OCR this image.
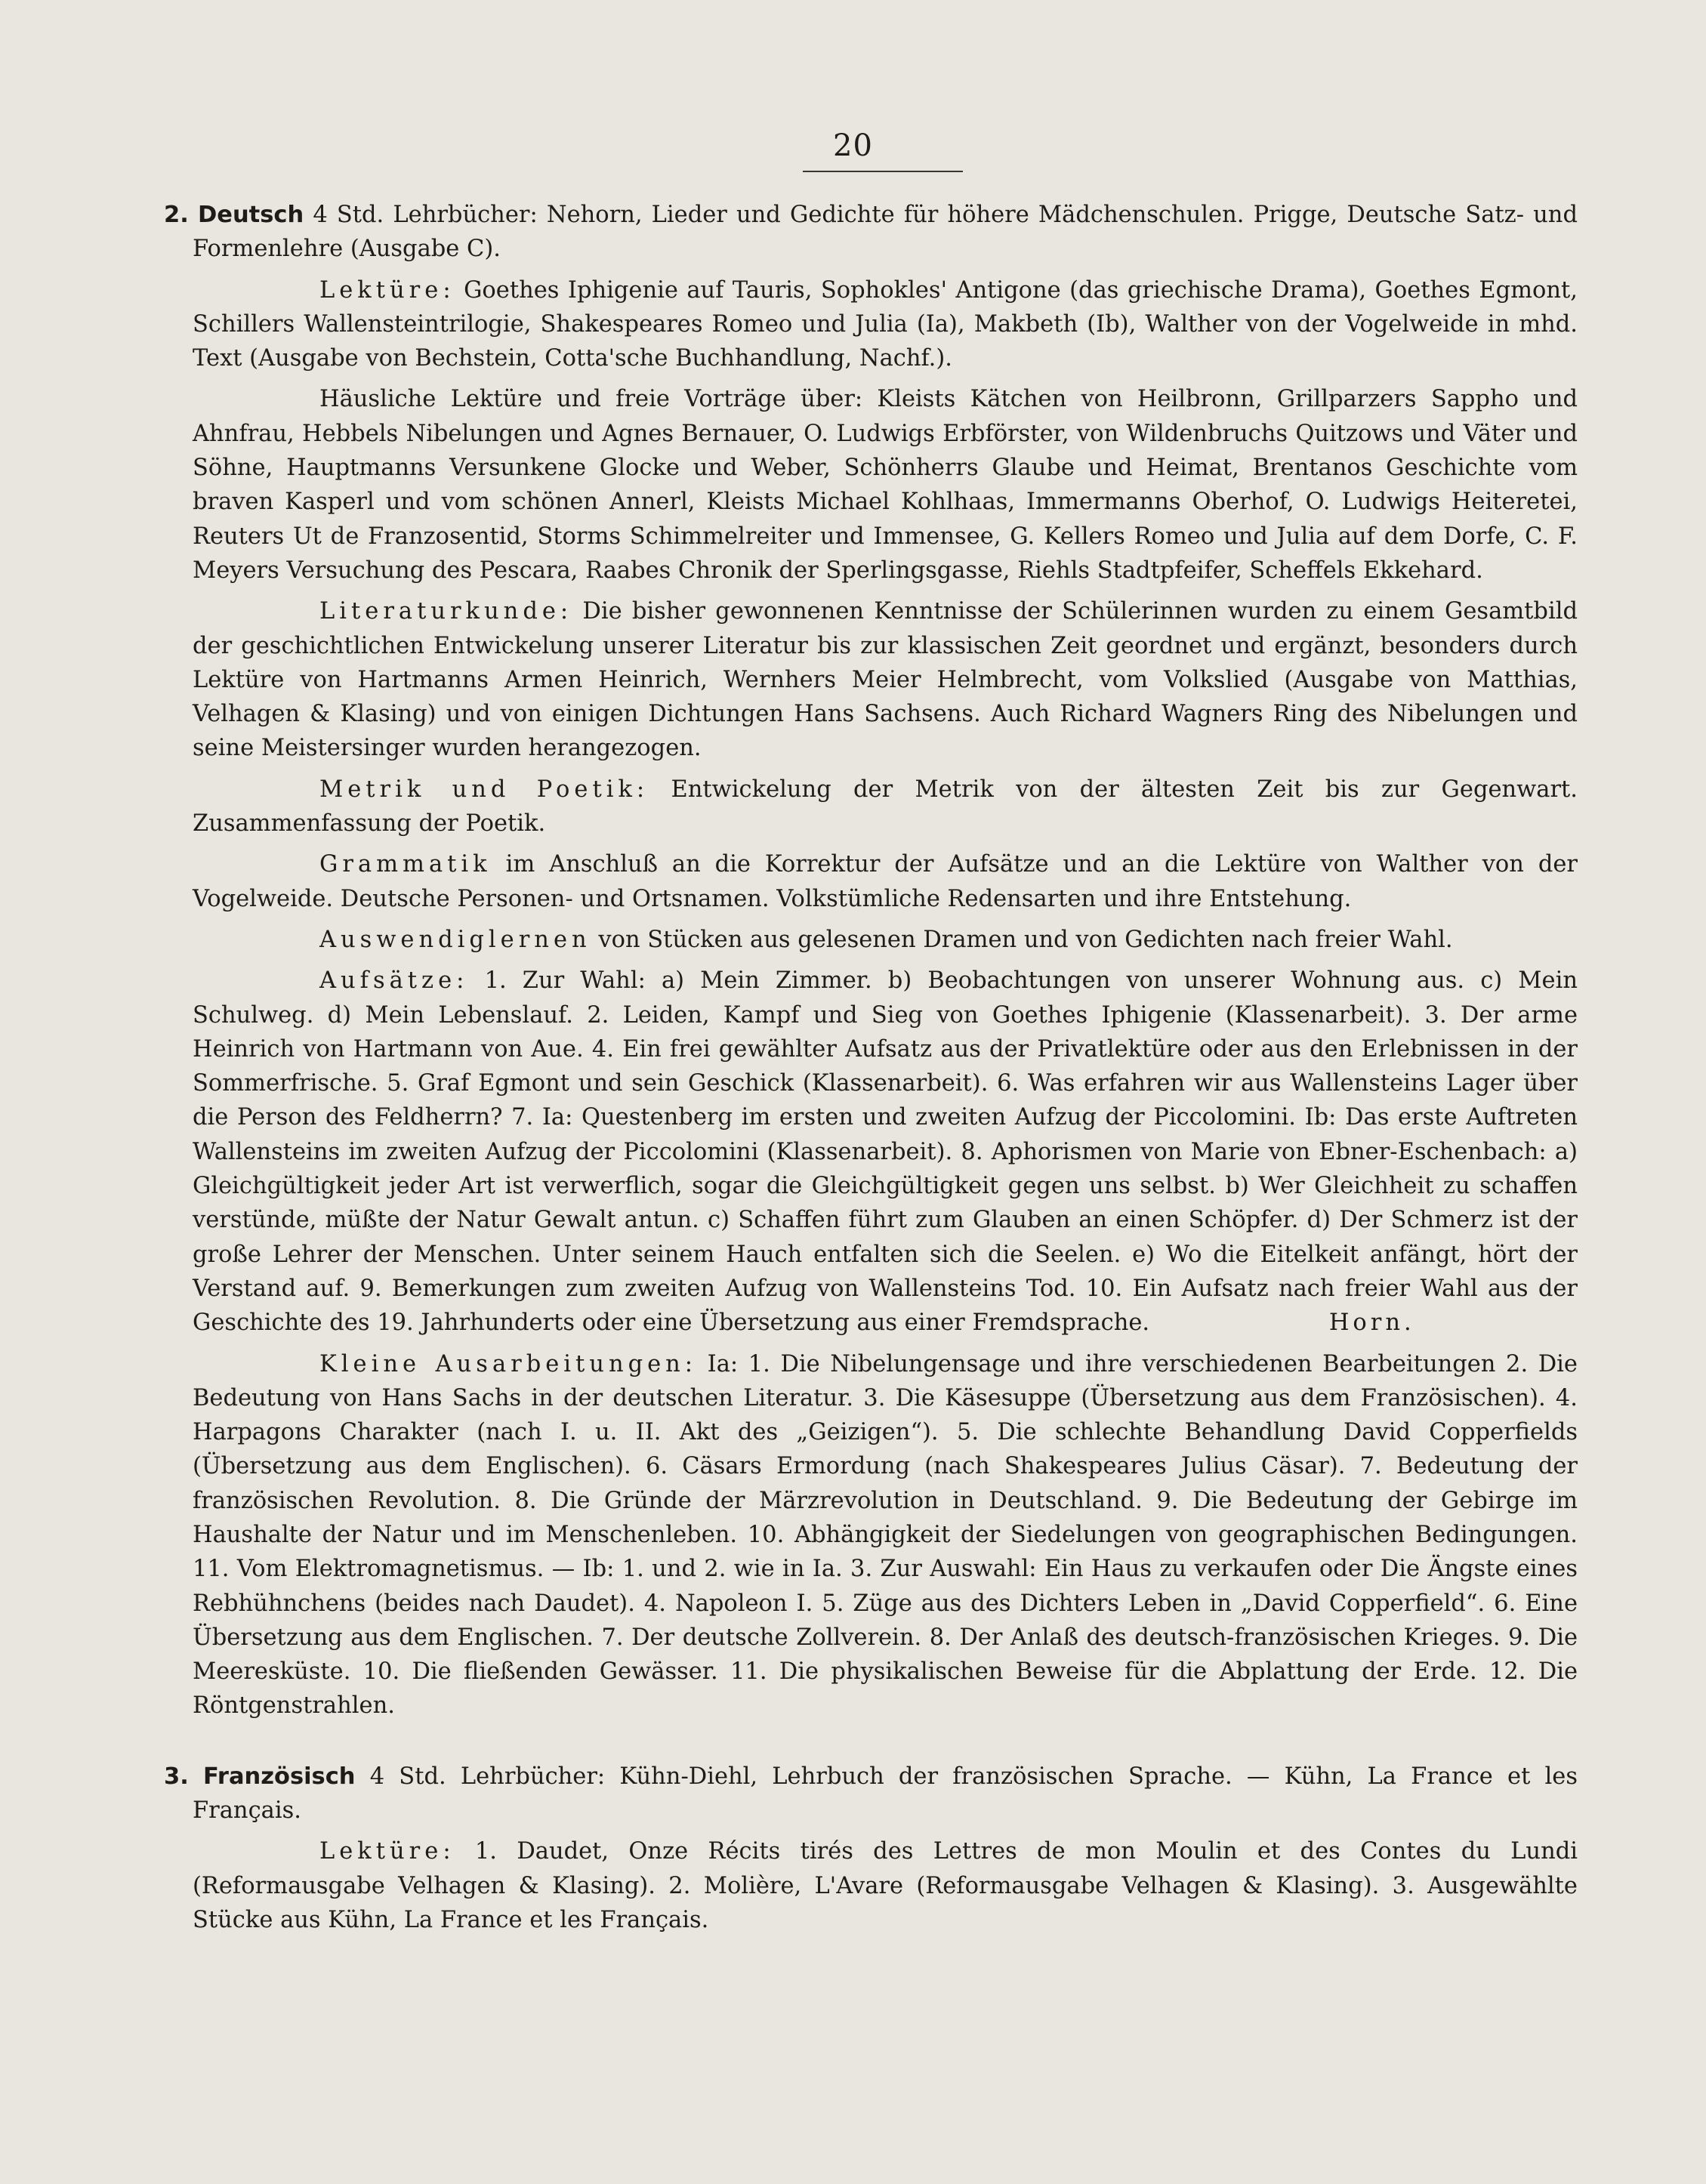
20

2. Deutsch 4 Std. Lehrbücher: Nehorn, Lieder und Gedichte für höhere Mädchenschulen. Prigge, Deutsche Satz- und Formenlehre (Ausgabe C).

Lektüre: Goethes Iphigenie auf Tauris, Sophokles' Antigone (das griechische Drama), Goethes Egmont, Schillers Wallensteintrilogie, Shakespeares Romeo und Julia (Ia), Makbeth (Ib), Walther von der Vogelweide in mhd. Text (Ausgabe von Bechstein, Cotta'sche Buchhandlung, Nachf.).

Häusliche Lektüre und freie Vorträge über: Kleists Kätchen von Heilbronn, Grillparzers Sappho und Ahnfrau, Hebbels Nibelungen und Agnes Bernauer, O. Ludwigs Erbförster, von Wildenbruchs Quitzows und Väter und Söhne, Hauptmanns Versunkene Glocke und Weber, Schönherrs Glaube und Heimat, Brentanos Geschichte vom braven Kasperl und vom schönen Annerl, Kleists Michael Kohlhaas, Immermanns Oberhof, O. Ludwigs Heiteretei, Reuters Ut de Franzosentid, Storms Schimmelreiter und Immensee, G. Kellers Romeo und Julia auf dem Dorfe, C. F. Meyers Versuchung des Pescara, Raabes Chronik der Sperlingsgasse, Riehls Stadtpfeifer, Scheffels Ekkehard.

Literaturkunde: Die bisher gewonnenen Kenntnisse der Schülerinnen wurden zu einem Gesamtbild der geschichtlichen Entwickelung unserer Literatur bis zur klassischen Zeit geordnet und ergänzt, besonders durch Lektüre von Hartmanns Armen Heinrich, Wernhers Meier Helmbrecht, vom Volkslied (Ausgabe von Matthias, Velhagen & Klasing) und von einigen Dichtungen Hans Sachsens. Auch Richard Wagners Ring des Nibelungen und seine Meistersinger wurden herangezogen.

Metrik und Poetik: Entwickelung der Metrik von der ältesten Zeit bis zur Gegenwart. Zusammenfassung der Poetik.

Grammatik im Anschluß an die Korrektur der Aufsätze und an die Lektüre von Walther von der Vogelweide. Deutsche Personen- und Ortsnamen. Volkstümliche Redensarten und ihre Entstehung.

Auswendiglernen von Stücken aus gelesenen Dramen und von Gedichten nach freier Wahl.

Aufsätze: 1. Zur Wahl: a) Mein Zimmer. b) Beobachtungen von unserer Wohnung aus. c) Mein Schulweg. d) Mein Lebenslauf. 2. Leiden, Kampf und Sieg von Goethes Iphigenie (Klassenarbeit). 3. Der arme Heinrich von Hartmann von Aue. 4. Ein frei gewählter Aufsatz aus der Privatlektüre oder aus den Erlebnissen in der Sommerfrische. 5. Graf Egmont und sein Geschick (Klassenarbeit). 6. Was erfahren wir aus Wallensteins Lager über die Person des Feldherrn? 7. Ia: Questenberg im ersten und zweiten Aufzug der Piccolomini. Ib: Das erste Auftreten Wallensteins im zweiten Aufzug der Piccolomini (Klassenarbeit). 8. Aphorismen von Marie von Ebner-Eschenbach: a) Gleichgültigkeit jeder Art ist verwerflich, sogar die Gleichgültigkeit gegen uns selbst. b) Wer Gleichheit zu schaffen verstünde, müßte der Natur Gewalt antun. c) Schaffen führt zum Glauben an einen Schöpfer. d) Der Schmerz ist der große Lehrer der Menschen. Unter seinem Hauch entfalten sich die Seelen. e) Wo die Eitelkeit anfängt, hört der Verstand auf. 9. Bemerkungen zum zweiten Aufzug von Wallensteins Tod. 10. Ein Aufsatz nach freier Wahl aus der Geschichte des 19. Jahrhunderts oder eine Übersetzung aus einer Fremdsprache.	Horn.

Kleine Ausarbeitungen: Ia: 1. Die Nibelungensage und ihre verschiedenen Bearbeitungen 2. Die Bedeutung von Hans Sachs in der deutschen Literatur. 3. Die Käsesuppe (Übersetzung aus dem Französischen). 4. Harpagons Charakter (nach I. u. II. Akt des „Geizigen“). 5. Die schlechte Behandlung David Copperfields (Übersetzung aus dem Englischen). 6. Cäsars Ermordung (nach Shakespeares Julius Cäsar). 7. Bedeutung der französischen Revolution. 8. Die Gründe der Märzrevolution in Deutschland. 9. Die Bedeutung der Gebirge im Haushalte der Natur und im Menschenleben. 10. Abhängigkeit der Siedelungen von geographischen Bedingungen. 11. Vom Elektromagnetismus. — Ib: 1. und 2. wie in Ia. 3. Zur Auswahl: Ein Haus zu verkaufen oder Die Ängste eines Rebhühnchens (beides nach Daudet). 4. Napoleon I. 5. Züge aus des Dichters Leben in „David Copperfield“. 6. Eine Übersetzung aus dem Englischen. 7. Der deutsche Zollverein. 8. Der Anlaß des deutsch-französischen Krieges. 9. Die Meeresküste. 10. Die fließenden Gewässer. 11. Die physikalischen Beweise für die Abplattung der Erde. 12. Die Röntgenstrahlen.

3. Französisch 4 Std. Lehrbücher: Kühn-Diehl, Lehrbuch der französischen Sprache. — Kühn, La France et les Français.

Lektüre: 1. Daudet, Onze Récits tirés des Lettres de mon Moulin et des Contes du Lundi (Reformausgabe Velhagen & Klasing). 2. Molière, L'Avare (Reformausgabe Velhagen & Klasing). 3. Ausgewählte Stücke aus Kühn, La France et les Français.
